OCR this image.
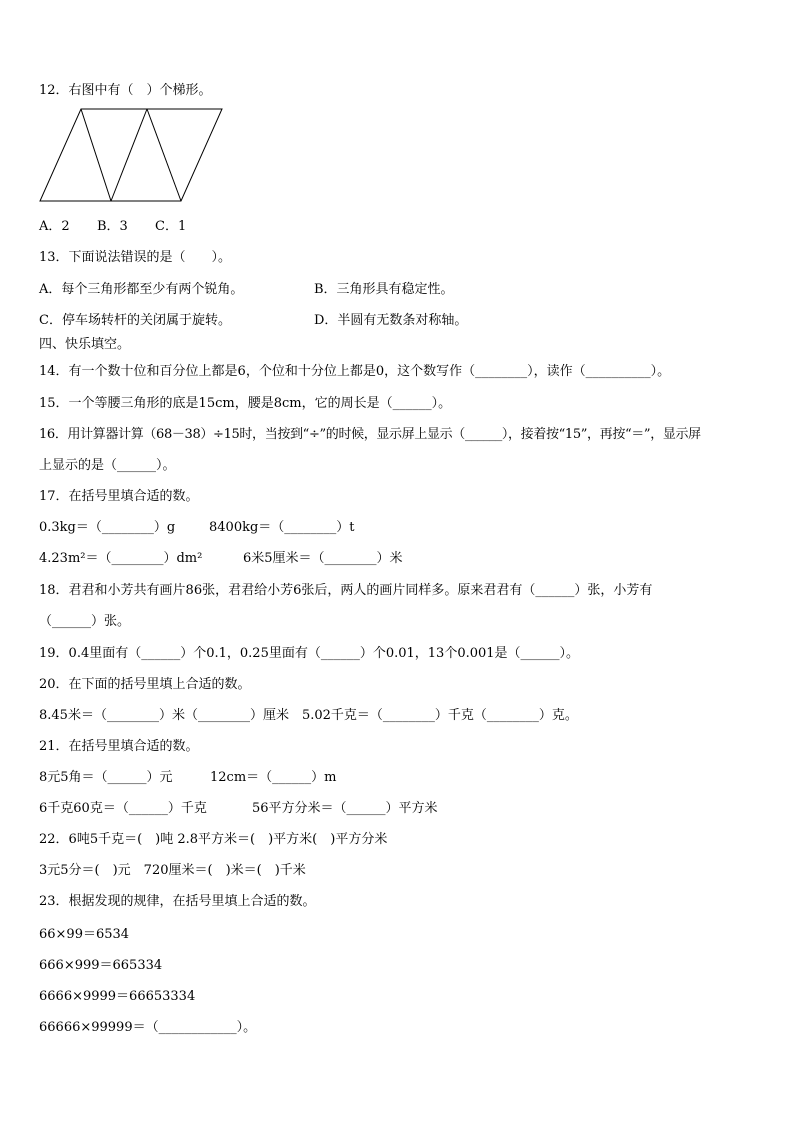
12．右图中有（　）个梯形。
A．2 B．3 C．1
13．下面说法错误的是（　　）。
A．每个三角形都至少有两个锐角。	B．三角形具有稳定性。
C．停车场转杆的关闭属于旋转。	D．半圆有无数条对称轴。
四、快乐填空。
14．有一个数十位和百分位上都是6，个位和十分位上都是0，这个数写作（________），读作（__________）。
15．一个等腰三角形的底是15cm，腰是8cm，它的周长是（______）。
16．用计算器计算（68－38）÷15时，当按到“÷”的时候，显示屏上显示（______），接着按“15”，再按“＝”，显示屏
上显示的是（______）。
17．在括号里填合适的数。
0.3kg＝（________）g	8400kg＝（________）t
4.23m²＝（________）dm²	6米5厘米＝（________）米
18．君君和小芳共有画片86张，君君给小芳6张后，两人的画片同样多。原来君君有（______）张，小芳有
（______）张。
19．0.4里面有（______）个0.1，0.25里面有（______）个0.01，13个0.001是（______）。
20．在下面的括号里填上合适的数。
8.45米＝（________）米（________）厘米　5.02千克＝（________）千克（________）克。
21．在括号里填合适的数。
8元5角＝（______）元	12cm＝（______）m
6千克60克＝（______）千克	56平方分米＝（______）平方米
22．6吨5千克＝(　)吨 2.8平方米＝(　)平方米(　)平方分米
3元5分＝(　)元　720厘米＝(　)米＝(　)千米
23．根据发现的规律，在括号里填上合适的数。
66×99＝6534
666×999＝665334
6666×9999＝66653334
66666×99999＝（____________）。
